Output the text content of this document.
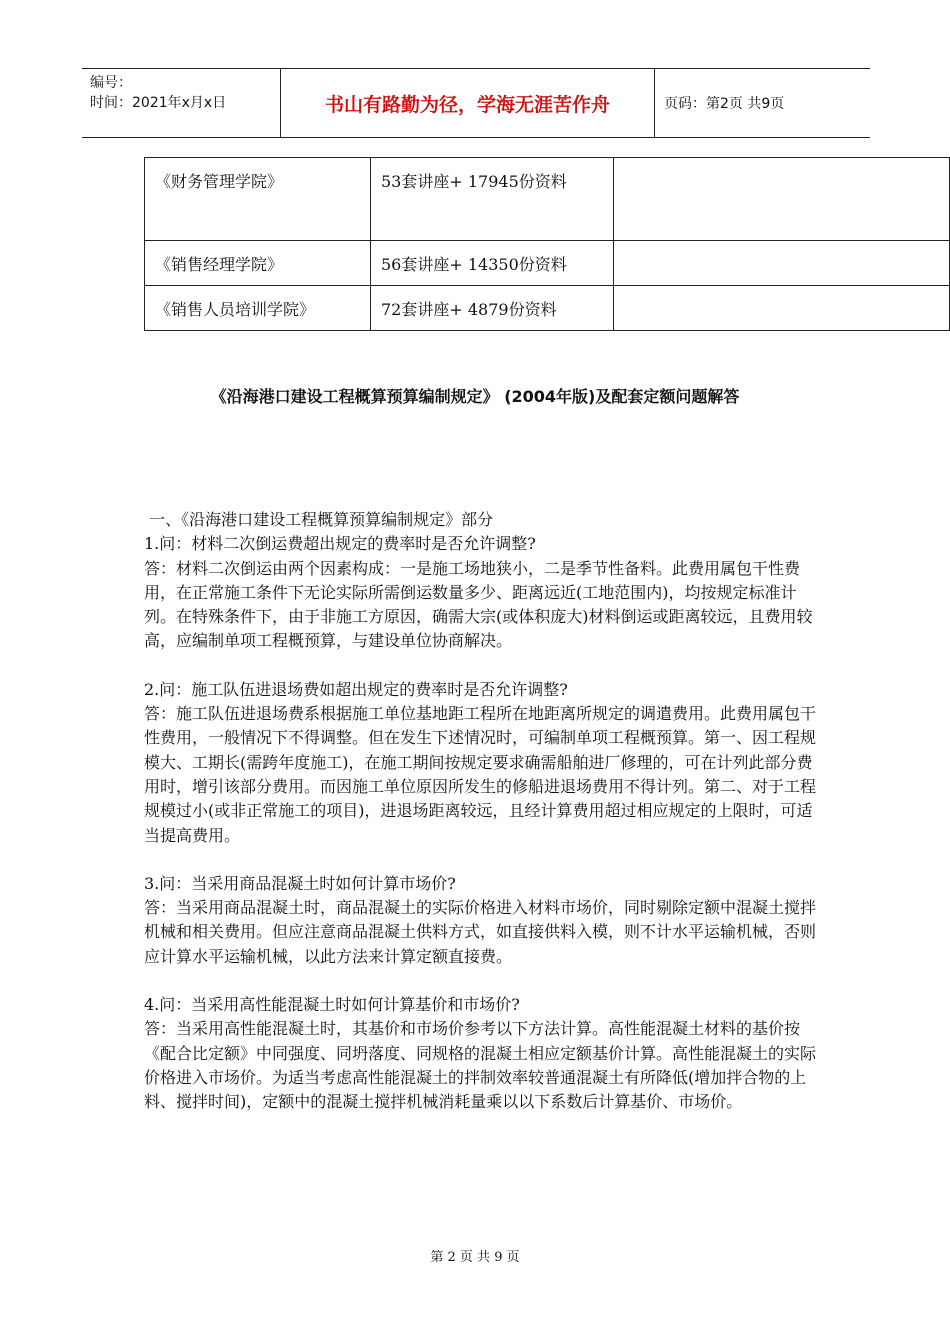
编号：
时间：2021年x月x日	书山有路勤为径，学海无涯苦作舟	页码：第2页 共9页
《财务管理学院》	53套讲座+ 17945份资料	

《销售经理学院》	56套讲座+ 14350份资料	
《销售人员培训学院》	72套讲座+ 4879份资料	
《沿海港口建设工程概算预算编制规定》 (2004年版)及配套定额问题解答

一、《沿海港口建设工程概算预算编制规定》部分

1.问：材料二次倒运费超出规定的费率时是否允许调整?

答：材料二次倒运由两个因素构成：一是施工场地狭小，二是季节性备料。此费用属包干性费用，在正常施工条件下无论实际所需倒运数量多少、距离远近(工地范围内)，均按规定标准计列。在特殊条件下，由于非施工方原因，确需大宗(或体积庞大)材料倒运或距离较远，且费用较高，应编制单项工程概预算，与建设单位协商解决。

2.问：施工队伍进退场费如超出规定的费率时是否允许调整?

答：施工队伍进退场费系根据施工单位基地距工程所在地距离所规定的调遣费用。此费用属包干性费用，一般情况下不得调整。但在发生下述情况时，可编制单项工程概预算。第一、因工程规模大、工期长(需跨年度施工)，在施工期间按规定要求确需船舶进厂修理的，可在计列此部分费用时，增引该部分费用。而因施工单位原因所发生的修船进退场费用不得计列。第二、对于工程规模过小(或非正常施工的项目)，进退场距离较远，且经计算费用超过相应规定的上限时，可适当提高费用。

3.问：当采用商品混凝土时如何计算市场价?

答：当采用商品混凝土时，商品混凝土的实际价格进入材料市场价，同时剔除定额中混凝土搅拌机械和相关费用。但应注意商品混凝土供料方式，如直接供料入模，则不计水平运输机械，否则应计算水平运输机械，以此方法来计算定额直接费。

4.问：当采用高性能混凝土时如何计算基价和市场价?

答：当采用高性能混凝土时，其基价和市场价参考以下方法计算。高性能混凝土材料的基价按《配合比定额》中同强度、同坍落度、同规格的混凝土相应定额基价计算。高性能混凝土的实际价格进入市场价。为适当考虑高性能混凝土的拌制效率较普通混凝土有所降低(增加拌合物的上料、搅拌时间)，定额中的混凝土搅拌机械消耗量乘以以下系数后计算基价、市场价。

第 2 页 共 9 页
